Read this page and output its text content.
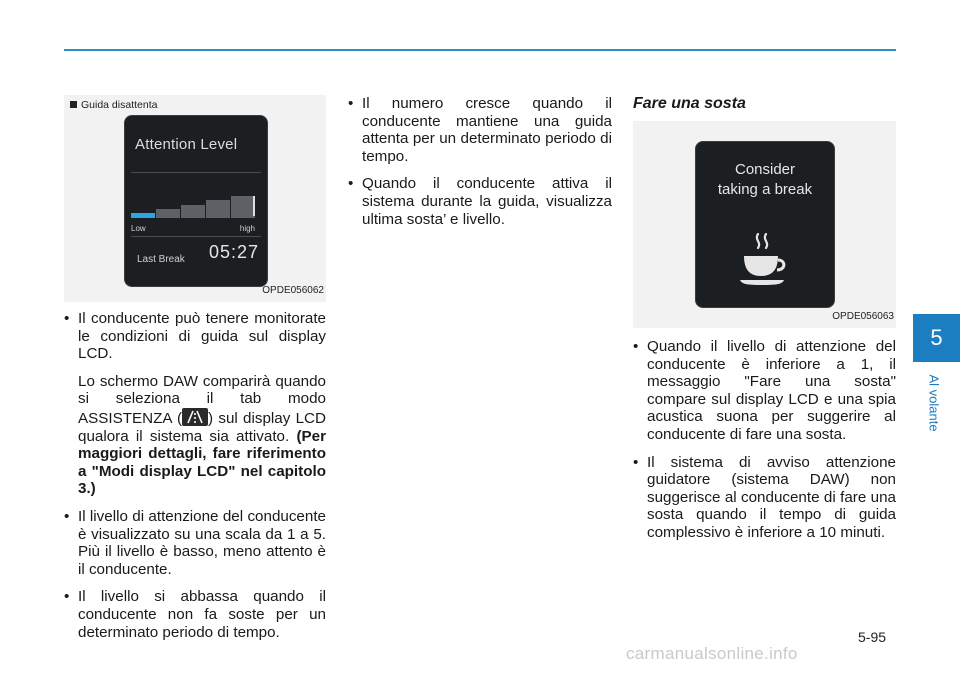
Guida disattenta
Attention Level
Low	high
Last Break 05:27
OPDE056062

• Il conducente può tenere monitorate le condizioni di guida sul display LCD.

Lo schermo DAW comparirà quando si seleziona il tab modo ASSISTENZA ( ) sul display LCD qualora il sistema sia attivato. (Per maggiori dettagli, fare riferimento a "Modi display LCD" nel capitolo 3.)

• Il livello di attenzione del conducente è visualizzato su una scala da 1 a 5. Più il livello è basso, meno attento è il conducente.

• Il livello si abbassa quando il conducente non fa soste per un determinato periodo di tempo.

• Il numero cresce quando il conducente mantiene una guida attenta per un determinato periodo di tempo.

• Quando il conducente attiva il sistema durante la guida, visualizza ultima sosta’ e livello.

Fare una sosta
Consider
taking a break
OPDE056063

• Quando il livello di attenzione del conducente è inferiore a 1, il messaggio "Fare una sosta" compare sul display LCD e una spia acustica suona per suggerire al conducente di fare una sosta.

• Il sistema di avviso attenzione guidatore (sistema DAW) non suggerisce al conducente di fare una sosta quando il tempo di guida complessivo è inferiore a 10 minuti.

5
Al volante
5-95
carmanualsonline.info
